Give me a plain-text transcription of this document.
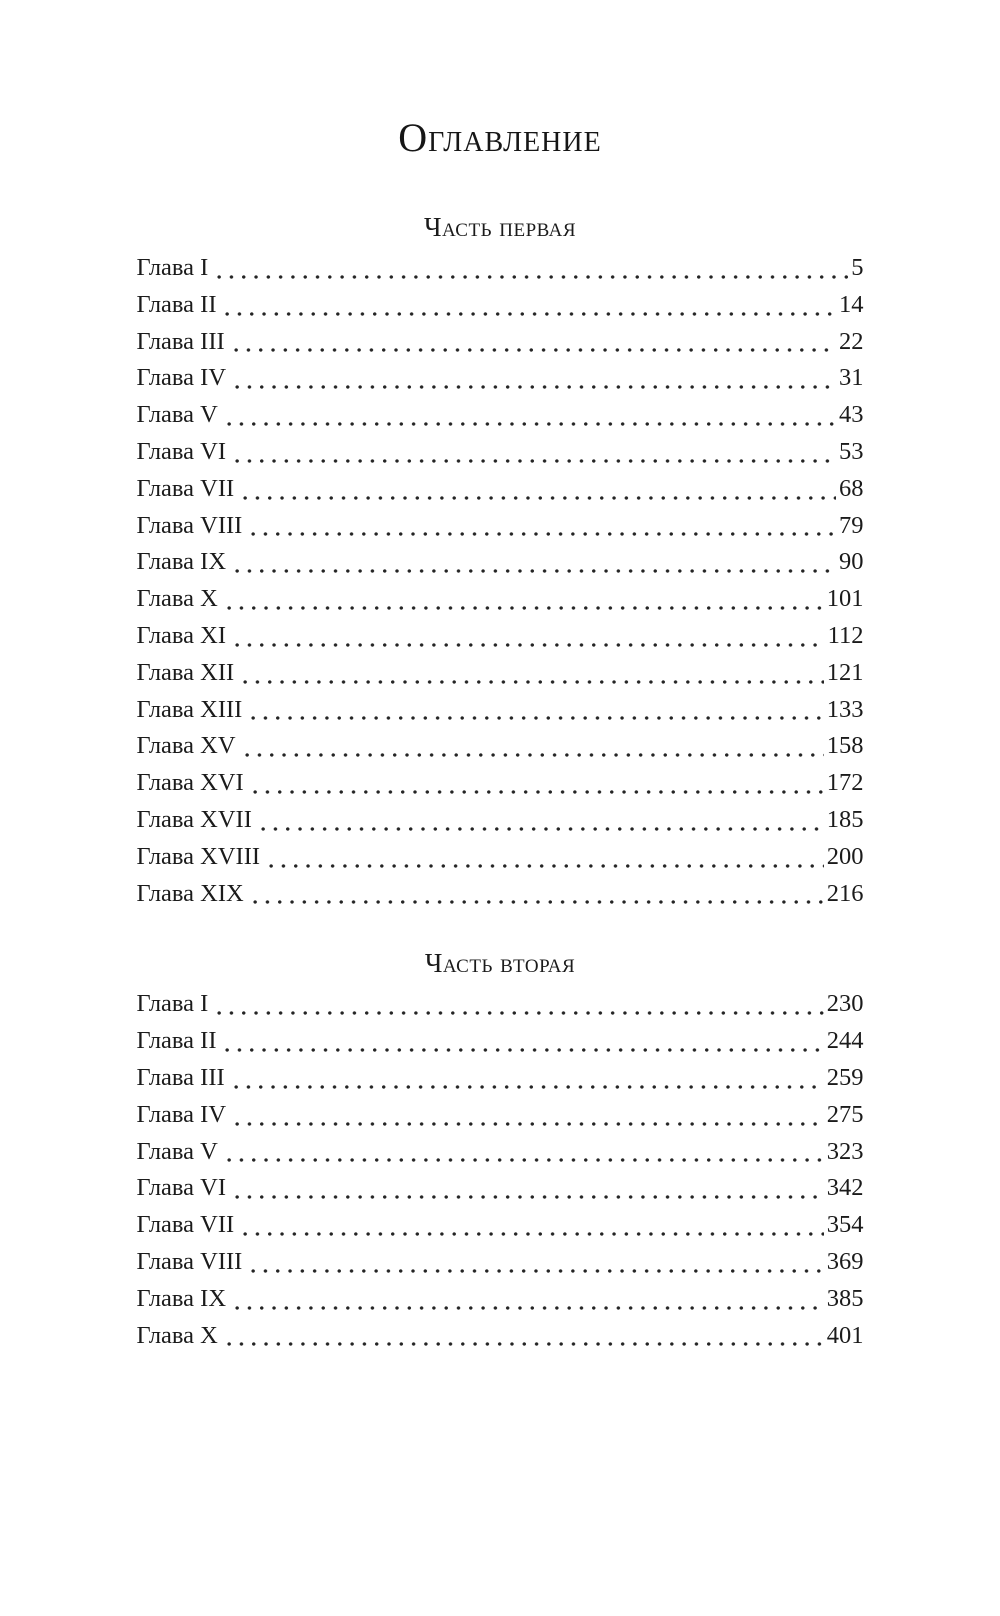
Оглавление
Часть первая
Глава I	5
Глава II	14
Глава III	22
Глава IV	31
Глава V	43
Глава VI	53
Глава VII	68
Глава VIII	79
Глава IX	90
Глава X	101
Глава XI	112
Глава XII	121
Глава XIII	133
Глава XV	158
Глава XVI	172
Глава XVII	185
Глава XVIII	200
Глава XIX	216
Часть вторая
Глава I	230
Глава II	244
Глава III	259
Глава IV	275
Глава V	323
Глава VI	342
Глава VII	354
Глава VIII	369
Глава IX	385
Глава X	401
